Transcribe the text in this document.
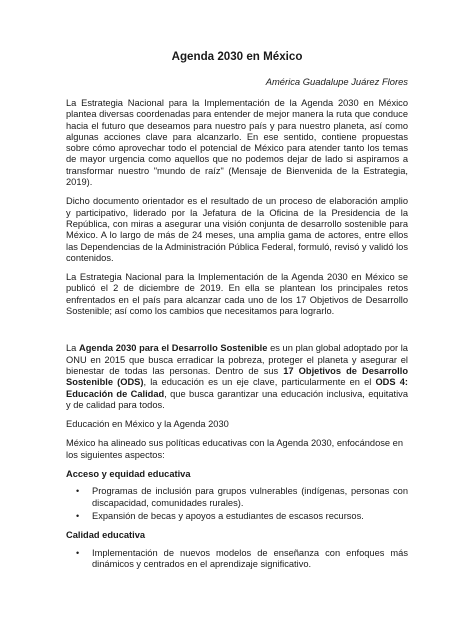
Agenda 2030 en México
América Guadalupe Juárez Flores

La Estrategia Nacional para la Implementación de la Agenda 2030 en México plantea diversas coordenadas para entender de mejor manera la ruta que conduce hacia el futuro que deseamos para nuestro país y para nuestro planeta, así como algunas acciones clave para alcanzarlo. En ese sentido, contiene propuestas sobre cómo aprovechar todo el potencial de México para atender tanto los temas de mayor urgencia como aquellos que no podemos dejar de lado si aspiramos a transformar nuestro "mundo de raíz" (Mensaje de Bienvenida de la Estrategia, 2019).

Dicho documento orientador es el resultado de un proceso de elaboración amplio y participativo, liderado por la Jefatura de la Oficina de la Presidencia de la República, con miras a asegurar una visión conjunta de desarrollo sostenible para México. A lo largo de más de 24 meses, una amplia gama de actores, entre ellos las Dependencias de la Administración Pública Federal, formuló, revisó y validó los contenidos.

La Estrategia Nacional para la Implementación de la Agenda 2030 en México se publicó el 2 de diciembre de 2019. En ella se plantean los principales retos enfrentados en el país para alcanzar cada uno de los 17 Objetivos de Desarrollo Sostenible; así como los cambios que necesitamos para lograrlo.

La Agenda 2030 para el Desarrollo Sostenible es un plan global adoptado por la ONU en 2015 que busca erradicar la pobreza, proteger el planeta y asegurar el bienestar de todas las personas. Dentro de sus 17 Objetivos de Desarrollo Sostenible (ODS), la educación es un eje clave, particularmente en el ODS 4: Educación de Calidad, que busca garantizar una educación inclusiva, equitativa y de calidad para todos.

Educación en México y la Agenda 2030

México ha alineado sus políticas educativas con la Agenda 2030, enfocándose en los siguientes aspectos:

Acceso y equidad educativa
• Programas de inclusión para grupos vulnerables (indígenas, personas con discapacidad, comunidades rurales).
• Expansión de becas y apoyos a estudiantes de escasos recursos.
Calidad educativa
• Implementación de nuevos modelos de enseñanza con enfoques más dinámicos y centrados en el aprendizaje significativo.
